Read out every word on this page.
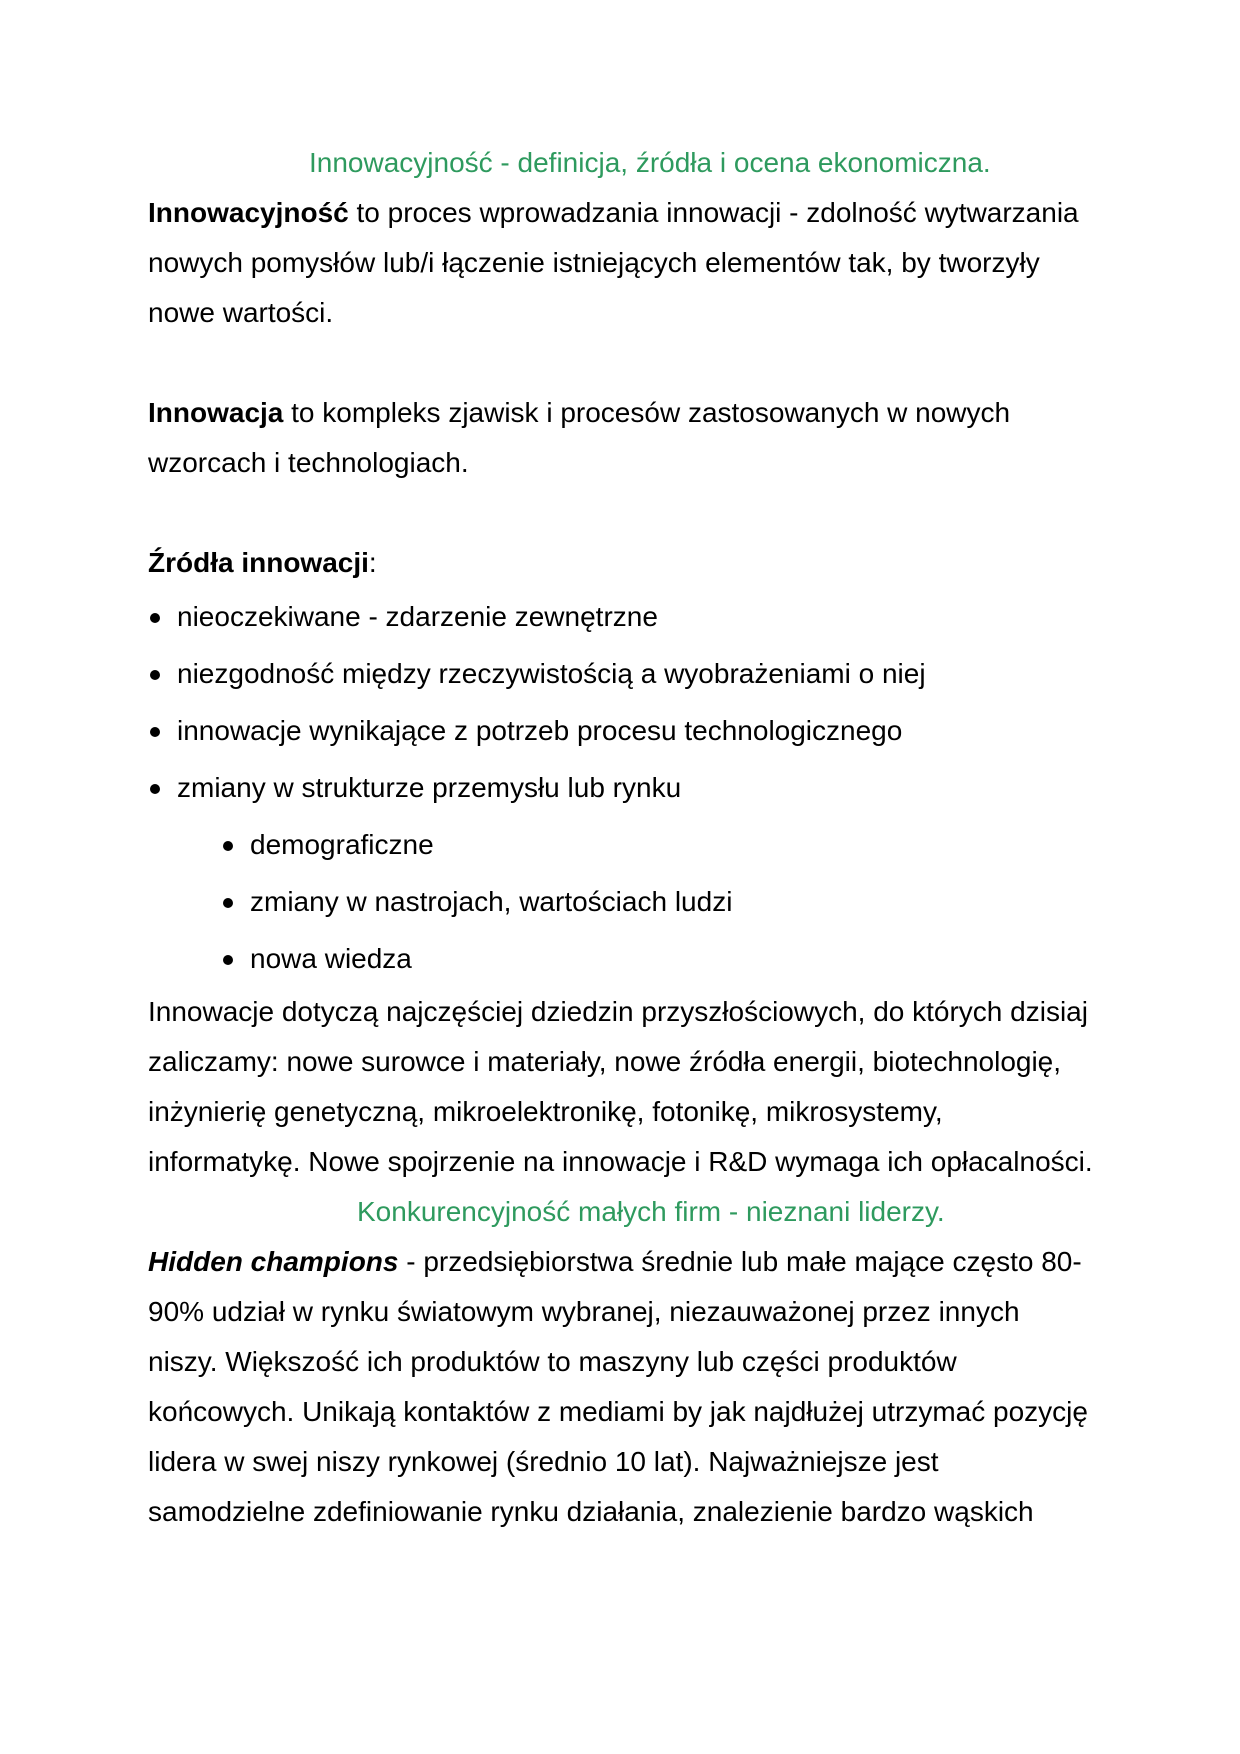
Innowacyjność - definicja, źródła i ocena ekonomiczna.

Innowacyjność to proces wprowadzania innowacji - zdolność wytwarzania nowych pomysłów lub/i łączenie istniejących elementów tak, by tworzyły nowe wartości.

Innowacja to kompleks zjawisk i procesów zastosowanych w nowych wzorcach i technologiach.

Źródła innowacji:

nieoczekiwane - zdarzenie zewnętrzne
niezgodność między rzeczywistością a wyobrażeniami o niej
innowacje wynikające z potrzeb procesu technologicznego
zmiany w strukturze przemysłu lub rynku
demograficzne
zmiany w nastrojach, wartościach ludzi
nowa wiedza

Innowacje dotyczą najczęściej dziedzin przyszłościowych, do których dzisiaj zaliczamy: nowe surowce i materiały, nowe źródła energii, biotechnologię, inżynierię genetyczną, mikroelektronikę, fotonikę, mikrosystemy, informatykę. Nowe spojrzenie na innowacje i R&D wymaga ich opłacalności.

Konkurencyjność małych firm - nieznani liderzy.

Hidden champions - przedsiębiorstwa średnie lub małe mające często 80-90% udział w rynku światowym wybranej, niezauważonej przez innych niszy. Większość ich produktów to maszyny lub części produktów końcowych. Unikają kontaktów z mediami by jak najdłużej utrzymać pozycję lidera w swej niszy rynkowej (średnio 10 lat). Najważniejsze jest samodzielne zdefiniowanie rynku działania, znalezienie bardzo wąskich
